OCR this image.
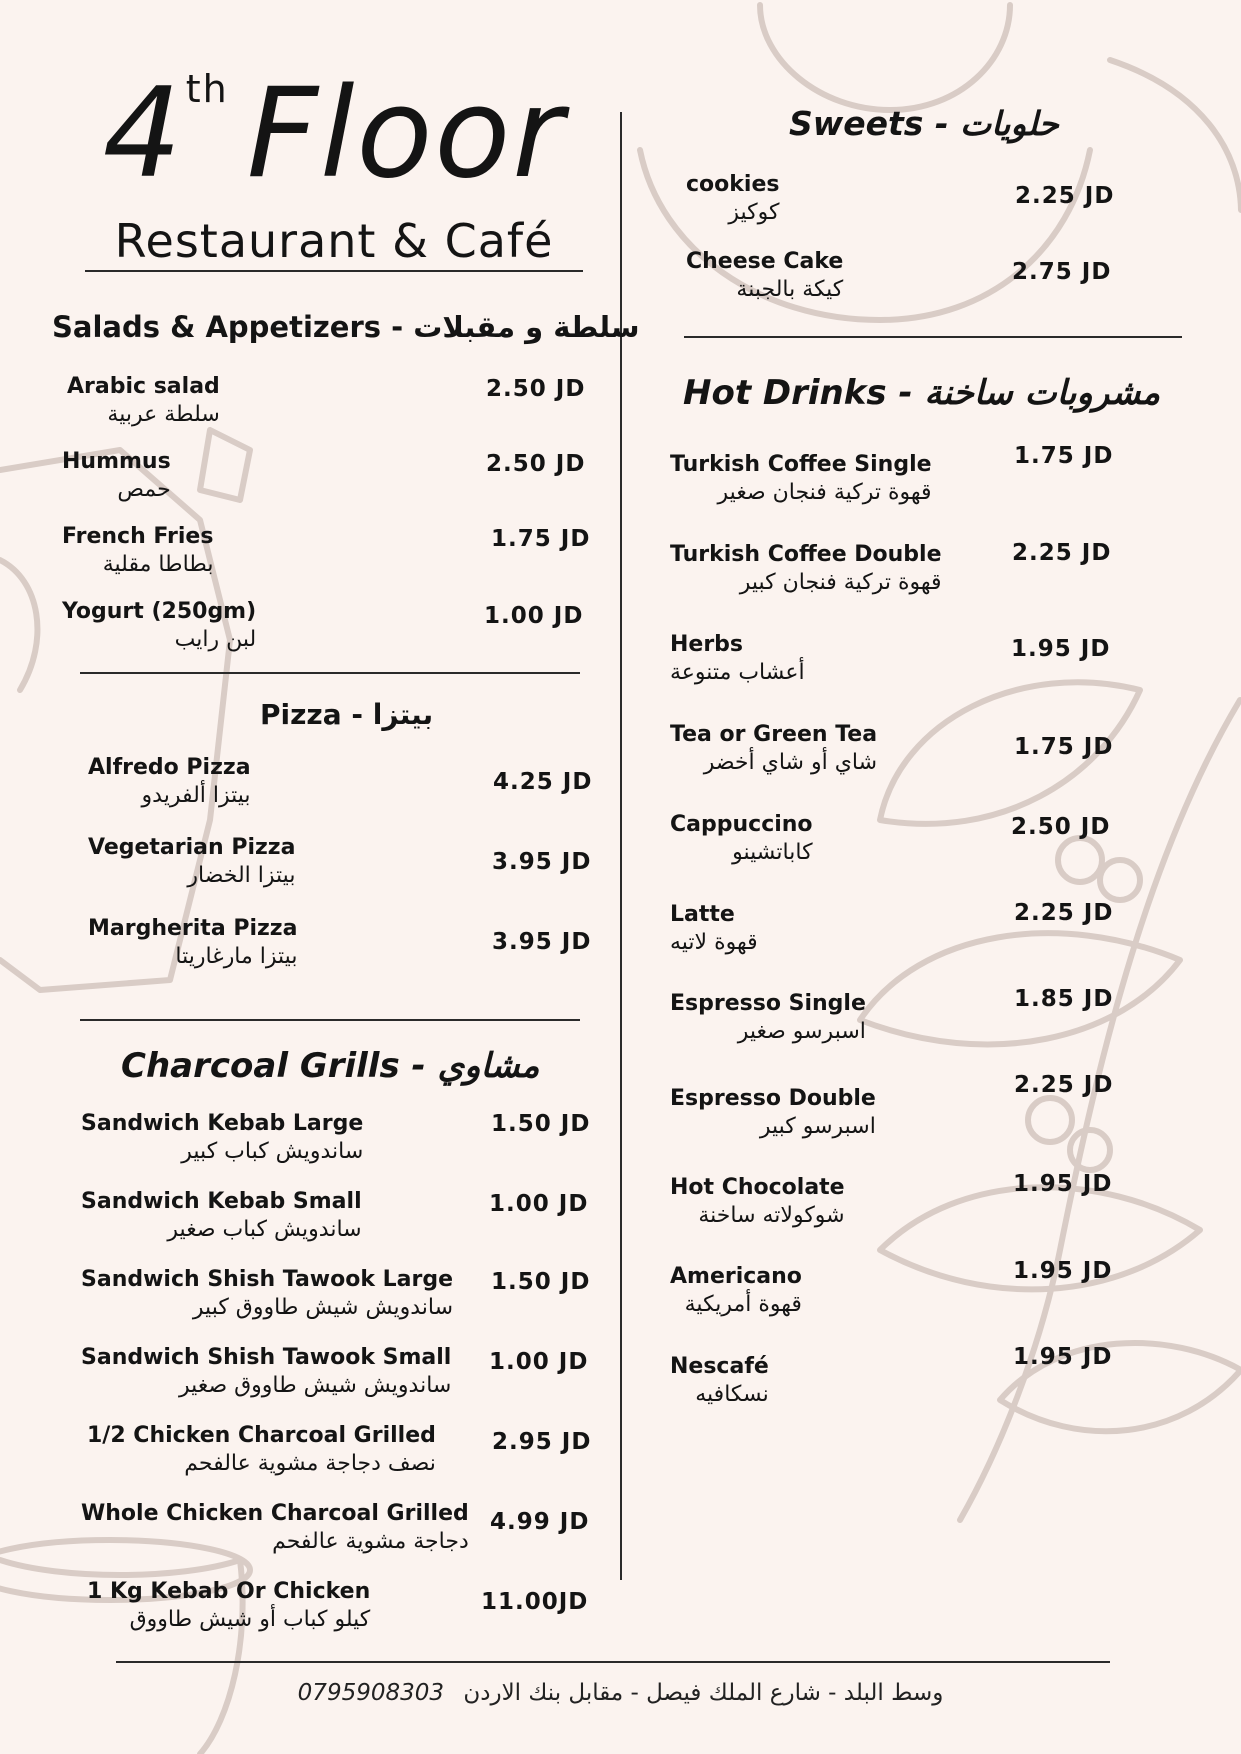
4th Floor
Restaurant & Café
Salads & Appetizers - سلطة و مقبلات
Arabic salad
سلطة عربية
2.50 JD
Hummus
حمص
2.50 JD
French Fries
بطاطا مقلية
1.75 JD
Yogurt (250gm)
لبن رايب
1.00 JD
Pizza - بيتزا
Alfredo Pizza
بيتزا ألفريدو
4.25 JD
Vegetarian Pizza
بيتزا الخضار
3.95 JD
Margherita Pizza
بيتزا مارغاريتا
3.95 JD
Charcoal Grills - مشاوي
Sandwich Kebab Large
ساندويش كباب كبير
1.50 JD
Sandwich Kebab Small
ساندويش كباب صغير
1.00 JD
Sandwich Shish Tawook Large
ساندويش شيش طاووق كبير
1.50 JD
Sandwich Shish Tawook Small
ساندويش شيش طاووق صغير
1.00 JD
1/2 Chicken Charcoal Grilled
نصف دجاجة مشوية عالفحم
2.95 JD
Whole Chicken Charcoal Grilled
دجاجة مشوية عالفحم
4.99 JD
1 Kg Kebab Or Chicken
كيلو كباب أو شيش طاووق
11.00JD
Sweets - حلويات
cookies
كوكيز
2.25 JD
Cheese Cake
كيكة بالجبنة
2.75 JD
Hot Drinks - مشروبات ساخنة
Turkish Coffee Single
قهوة تركية فنجان صغير
1.75 JD
Turkish Coffee Double
قهوة تركية فنجان كبير
2.25 JD
Herbs
أعشاب متنوعة
1.95 JD
Tea or Green Tea
شاي أو شاي أخضر
1.75 JD
Cappuccino
كاباتشينو
2.50 JD
Latte
قهوة لاتيه
2.25 JD
Espresso Single
اسبرسو صغير
1.85 JD
Espresso Double
اسبرسو كبير
2.25 JD
Hot Chocolate
شوكولاته ساخنة
1.95 JD
Americano
قهوة أمريكية
1.95 JD
Nescafé
نسكافيه
1.95 JD
0795908303 وسط البلد - شارع الملك فيصل - مقابل بنك الاردن
